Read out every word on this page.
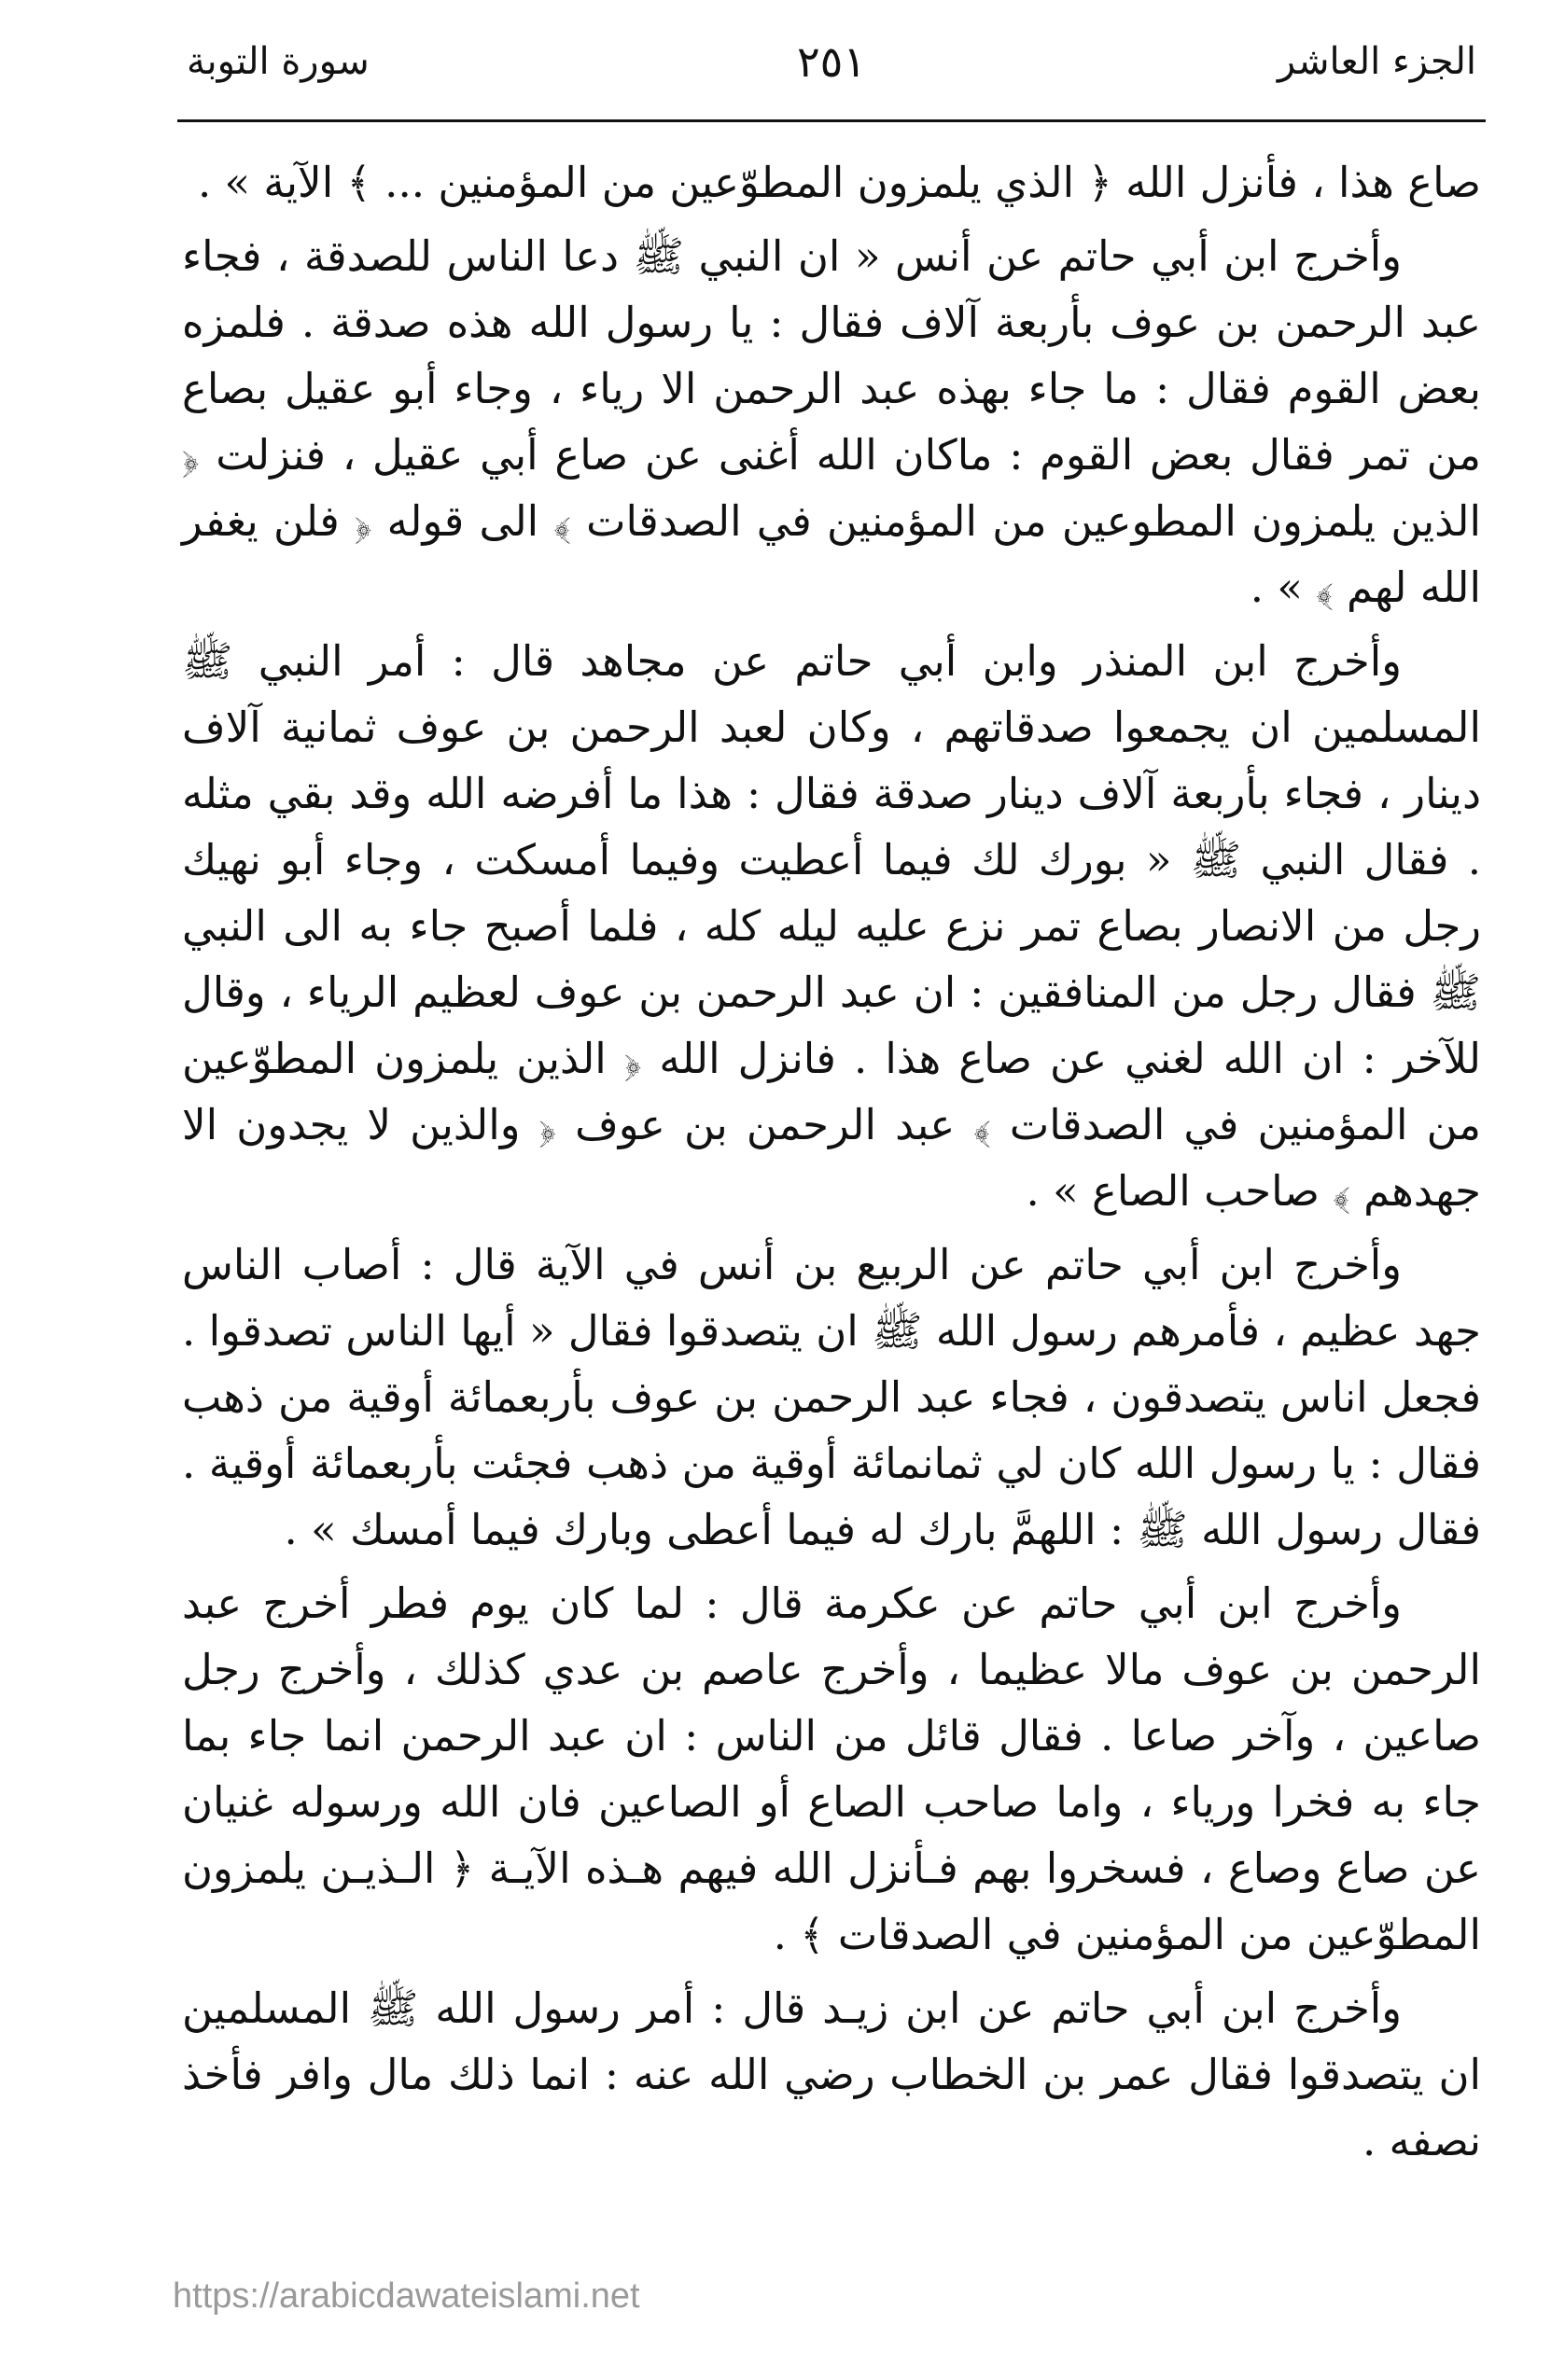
الجزء العاشر
٢٥١
سورة التوبة

صاع هذا ، فأنزل الله ﴿ الذي يلمزون المطوّعين من المؤمنين ... ﴾ الآية » .

وأخرج ابن أبي حاتم عن أنس « ان النبي ﷺ دعا الناس للصدقة ، فجاء عبد الرحمن بن عوف بأربعة آلاف فقال : يا رسول الله هذه صدقة . فلمزه بعض القوم فقال : ما جاء بهذه عبد الرحمن الا رياء ، وجاء أبو عقيل بصاع من تمر فقال بعض القوم : ماكان الله أغنى عن صاع أبي عقيل ، فنزلت ﴿ الذين يلمزون المطوعين من المؤمنين في الصدقات ﴾ الى قوله ﴿ فلن يغفر الله لهم ﴾ » .

وأخرج ابن المنذر وابن أبي حاتم عن مجاهد قال : أمر النبي ﷺ المسلمين ان يجمعوا صدقاتهم ، وكان لعبد الرحمن بن عوف ثمانية آلاف دينار ، فجاء بأربعة آلاف دينار صدقة فقال : هذا ما أفرضه الله وقد بقي مثله . فقال النبي ﷺ « بورك لك فيما أعطيت وفيما أمسكت ، وجاء أبو نهيك رجل من الانصار بصاع تمر نزع عليه ليله كله ، فلما أصبح جاء به الى النبي ﷺ فقال رجل من المنافقين : ان عبد الرحمن بن عوف لعظيم الرياء ، وقال للآخر : ان الله لغني عن صاع هذا . فانزل الله ﴿ الذين يلمزون المطوّعين من المؤمنين في الصدقات ﴾ عبد الرحمن بن عوف ﴿ والذين لا يجدون الا جهدهم ﴾ صاحب الصاع » .

وأخرج ابن أبي حاتم عن الربيع بن أنس في الآية قال : أصاب الناس جهد عظيم ، فأمرهم رسول الله ﷺ ان يتصدقوا فقال « أيها الناس تصدقوا . فجعل اناس يتصدقون ، فجاء عبد الرحمن بن عوف بأربعمائة أوقية من ذهب فقال : يا رسول الله كان لي ثمانمائة أوقية من ذهب فجئت بأربعمائة أوقية . فقال رسول الله ﷺ : اللهمَّ بارك له فيما أعطى وبارك فيما أمسك » .

وأخرج ابن أبي حاتم عن عكرمة قال : لما كان يوم فطر أخرج عبد الرحمن بن عوف مالا عظيما ، وأخرج عاصم بن عدي كذلك ، وأخرج رجل صاعين ، وآخر صاعا . فقال قائل من الناس : ان عبد الرحمن انما جاء بما جاء به فخرا ورياء ، واما صاحب الصاع أو الصاعين فان الله ورسوله غنيان عن صاع وصاع ، فسخروا بهم فـأنزل الله فيهم هـذه الآيـة ﴿ الـذيـن يلمزون المطوّعين من المؤمنين في الصدقات ﴾ .

وأخرج ابن أبي حاتم عن ابن زيـد قال : أمر رسول الله ﷺ المسلمين ان يتصدقوا فقال عمر بن الخطاب رضي الله عنه : انما ذلك مال وافر فأخذ نصفه .

https://arabicdawateislami.net
